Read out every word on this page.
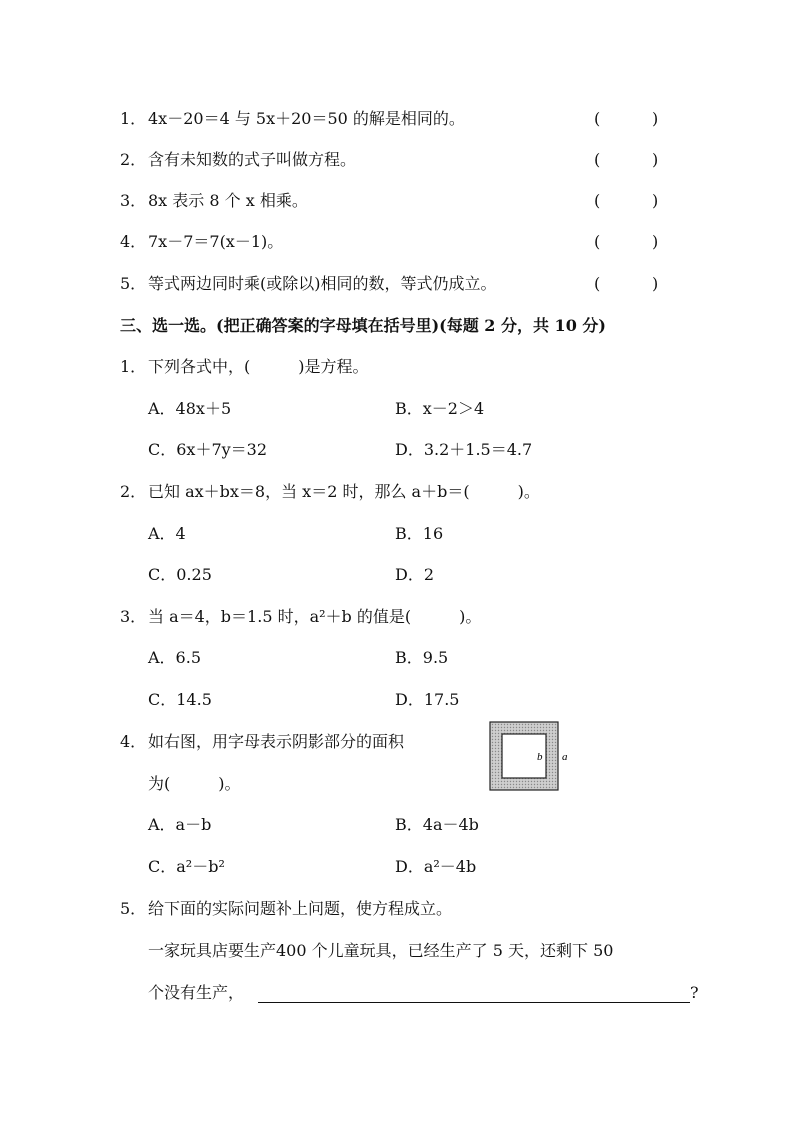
1． 4x－20＝4 与 5x＋20＝50 的解是相同的。	(	)
2． 含有未知数的式子叫做方程。	(	)
3． 8x 表示 8 个 x 相乘。	(	)
4． 7x－7＝7(x－1)。	(	)
5． 等式两边同时乘(或除以)相同的数，等式仍成立。	(	)
三、选一选。(把正确答案的字母填在括号里)(每题 2 分，共 10 分)
1． 下列各式中，(　　　)是方程。
A．48x＋5	B．x－2＞4
C．6x＋7y＝32	D．3.2＋1.5＝4.7
2． 已知 ax＋bx＝8，当 x＝2 时，那么 a＋b＝(　　　)。
A．4	B．16
C．0.25	D．2
3． 当 a＝4，b＝1.5 时，a²＋b 的值是(　　　)。
A．6.5	B．9.5
C．14.5	D．17.5
4． 如右图，用字母表示阴影部分的面积
为(　　　)。
b a
A．a－b	B．4a－4b
C．a²－b²	D．a²－4b
5． 给下面的实际问题补上问题，使方程成立。
一家玩具店要生产400 个儿童玩具，已经生产了 5 天，还剩下 50
个没有生产，	?
